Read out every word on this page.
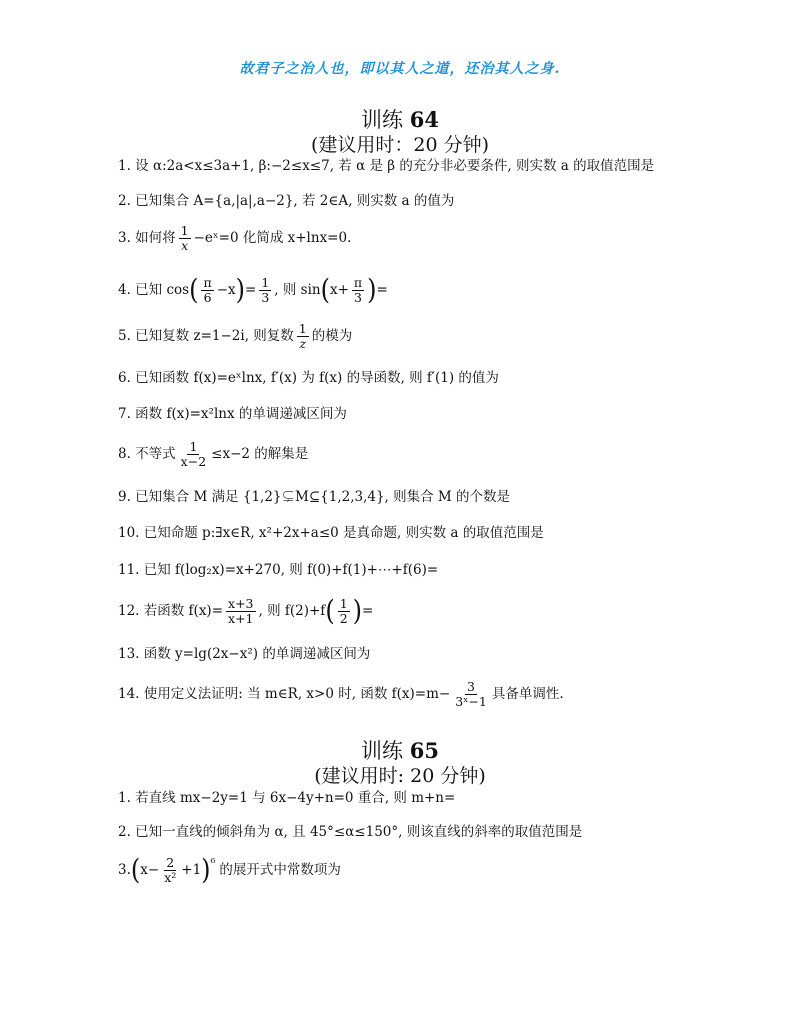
故君子之治人也，即以其人之道，还治其人之身.
训练 64
(建议用时：20 分钟)
1. 设 α:2a<x≤3a+1, β:−2≤x≤7, 若 α 是 β 的充分非必要条件, 则实数 a 的取值范围是
2. 已知集合 A={a,|a|,a−2}, 若 2∈A, 则实数 a 的值为
3. 如何将 $\frac{1}{x}$ −eˣ=0 化简成 x+lnx=0.
4. 已知 cos ( $\frac{\pi}{6} -x$ ) = $\frac{1}{3}$ , 则 sin ( $x+ \frac{\pi}{3}$ ) =
5. 已知复数 z=1−2i, 则复数 $\frac{1}{z}$ 的模为
6. 已知函数 f(x)=eˣlnx, f′(x) 为 f(x) 的导函数, 则 f′(1) 的值为
7. 函数 f(x)=x²lnx 的单调递减区间为
8. 不等式 $\frac{1}{x-2} \le x-2$ 的解集是
9. 已知集合 M 满足 {1,2}⊊M⊆{1,2,3,4}, 则集合 M 的个数是
10. 已知命题 p:∃x∈R, x²+2x+a≤0 是真命题, 则实数 a 的取值范围是
11. 已知 f(log₂x)=x+270, 则 f(0)+f(1)+⋯+f(6)=
12. 若函数 $f(x)= \frac{x+3}{x+1}$ , 则 f(2)+f ( $\frac{1}{2}$ ) =
13. 函数 y=lg(2x−x²) 的单调递减区间为
14. 使用定义法证明: 当 m∈R, x>0 时, 函数 $f(x)=m- \frac{3}{\text{3ˣ−1}}$ 具备单调性.
训练 65
(建议用时: 20 分钟)
1. 若直线 mx−2y=1 与 6x−4y+n=0 重合, 则 m+n=
2. 已知一直线的倾斜角为 α, 且 45°≤α≤150°, 则该直线的斜率的取值范围是
3. ( $x- \frac{2}{\text{x²}} +1$ ) ⁶ 的展开式中常数项为
